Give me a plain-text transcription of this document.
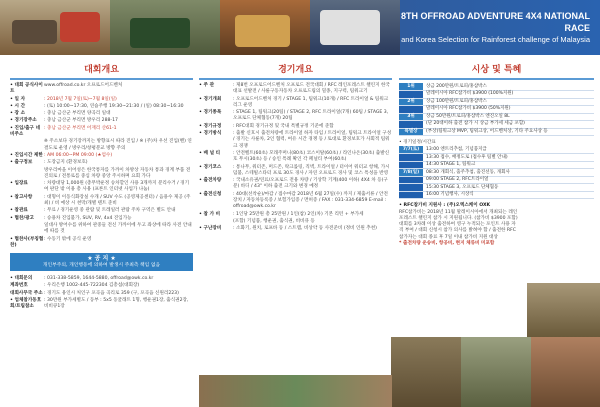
8TH OFFROAD ADVENTURE 4X4 NATIONAL RACE
and Korea Selection for Rainforest challenge of Malaysia
대회개요
• 대회 공식사이트
www.offroad.co.kr 오프로드어드벤처
• 일 자	: 2018년 7월 7일(토)~7월 8일(일)
• 시 간	: (토) 10:00~17:30, 연습주행 19:30~21:30 / (일) 08:30~16:30
• 장 소	: 충남 금산군 부리면 양곡리 일대
• 경기장주소	: 충남 금산군 부리면 방우리 288-17
• 진입/출구 네비주소
: 충남 금산군 부리면 어재리 산61-1
※ 주소보다 경기장까지는 방향표시 따라 진입 / ※ (주)차 우선 진입(밴) 연결도로 운영 / 방우리/창평분교 방향 주의
• 진입시간 제한 : AM 06:00~PM 09:00 (★엄수)
• 출구정보	: 도장금지 (환경보호)
방우리마을 이어성은 한국통자를 가까이 차방상 자동차 통과 경계 부품 전진의로 / 전통로를 중심 차량 중앙 주시하며 요회 가다
• 입장료	: 차량대당 1,000원 (총무박운정 승차할인 사용 3개까지 분리수거 / 경기여 판단 밖 이용 총 사용 (프론트 인터넷 사업가 나눔)
• 참고사항	: 대형이 이동식화장실 수개 / SUV 수도 (공영제공센터) / 음용수 제공 (주최) / 비 예상 시 천막/개별 텐트 준비
• 참관료	: 무료 / 경기운영 중 관람 및 트레일러 관람 주차 구역은 별도 안내
• 협찬/광고	: 승용차 진입불가, SUV, RV, 4x4 진입가능
일대사 방어수를 위하여 관중들 전신 가까이에 두고 좌상에 따라 사전 안내에 따를 것
• 협찬사(부칭협찬)
: 수동기 밖에 공식 운영
★ 공 지 ★
개인부주의, 개인행동에 의하여 발생시 주최측 책임 없음
• 대회문의	: 031-338-5859, 1644-5880, offroad@owk.co.kr
계좌번호	: 우리은행 1002-445-722304 김총섭(대회장)
대회사무국 주소 : 경기도 용인시 처인구 포곡읍 곡리로 359 (구, 포곡읍 신원리223)
• 업체참가동호회/트립참소
: 30만원 부가세별도 / 동부 : 5x5 동굴래트 1형, 행운권1장, 출식권2장, 비비큐1장
경기개요
• 주 관	: 제8번 오프로드어드벤처 오프로드 전국대회 / RFC 레인포레스트 챌린지 한국대표 선발전 / 사륜구동자동차 오프로드림의 밀종, 지구력, 팀워크기
• 경기개최	: 오프로드어드벤처 경기 / STAGE 1, 팀워크(10개) / RFC 트라이얼 & 팀워크 리그 운영
• 경기종목	: STAGE 1, 팀워크(20팀) / STAGE 2, RFC 트라이얼(7개) 60팀 / STAGE 3, 오프로드 단체협동(7개) 20팀
• 경기규정	: RFC대회 경기규정 및 국내 특별규정 기준에 준함
• 경기방식	: 출발 신호시 출전차량에 트라이얼 하자 타임 / 트라이얼, 팀워크 트라이얼 구성 / 경기는 사륜차, 2인 협력, 여유 시간 경쟁 등 / 토대로 환경보호가 사회적 팀워크 경쟁
• 배 널 티	: 안전벨트(60초) 모래주머니(80초) 코스이탈(60초) / 라인나온(30초) 출발신호 무시(30초) 등 / 승인 특례 확인 각 페널티 부여(60초)
• 경기코스	: 통나무, 워터존, 머드존, 락크롤링, 직벽, 트라이얼 / 터이어 워터교 항해, 가시덤불, 스테빌스타터 프로 30도 경사 / 자연 오프로드 경사 및 코스 특성을 반영
• 출전차량	: 국내소유권/연료/오프로드 전용 차량 / 기상학 기계(400 이하) 4X4 차 등(구분) 바디 / 43" 이하 출전 크기와 변경 예정
• 출전신청	: 40대(선착순)/마감 / 접수마감 2018년 6월 27일(수) 까지 / 제출서류 / 안전장치 / 자동차등록증 / 보험가입증 / 면허증 / FAX : 031-334-6859 E-mail : offroad@owk.co.kr
• 참 가 비	: 1인당 25만원 총 25만원 / 1인(참) 2인(차) 기본 리턴 + 부가세
(포함) 기념품, 행운권, 출식권, 비비큐 등
• 구난장비	: 소화기, 원치, 로프바 등 / 스트랩, 비상약 등 사전준비 (정비 인원 추천)
시상 및 특혜
1위	상금 200만원/트로피/홍삼박스
	말레이시아 RFC참가비 $3900 (100%지원)
2위	상금 100만원/트로피/홍삼박스
	말레이시아 RFC참가비 $3900 (50%지원)
3위	상금 50만원/트로피/홍삼박스 엔진오일 8L
	(단 20대이하 출전 참가 시 상금 부가세 세금 포함)
특별상	(부상)팀워크상 MVP, 팀워크상, 어드벤처상, 기타 주요사상 등
• 경기일정/시간표
7/7(토)	13:00 엔트리추첨, 기념품지급
	13:30 접수, 배정도로 (접수후 팀별 안내)
	14:30 STAGE 1, 팀워크
7/8(일)	08:30 개회식, 출주추첨, 출진선동, 개회사
	09:00 STAGE 2, RFC트라이얼
	15:30 STAGE 3, 오프로드 단체협동
	16:00 기념행사, 시상식
• RFC참가비 지원사 : (주)오엑스케이 OXK
RFC참가비는 2018년 11월 말레이시아에서 개최되는 레인포레스트 챌린지 참가 시 지원됩니다. (참가비 $3900 포함) 대회를 3차례 이상 출전하여 영구 누적되는 포인트 사용 자격 부여 / 대회 신청시 참가 의사를 밝혀야 함 / 출전한 RFC 참가자는 대회 종료 후 7일 이내 참가비 지원 대상
* 출전차량 운송비, 항공비, 현지 체류비 미포함
